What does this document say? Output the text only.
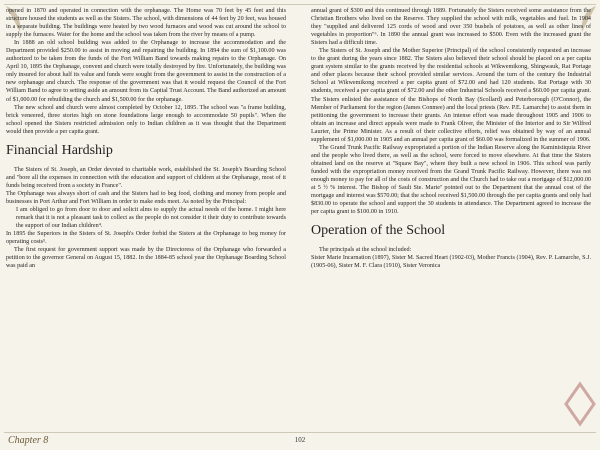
opened in 1870 and operated in connection with the orphanage. The Home was 70 feet by 45 feet and this structure housed the students as well as the Sisters. The school, with dimensions of 44 feet by 20 feet, was housed in a separate building. The buildings were heated by two wood furnaces and wood was cut around the school to supply the furnaces. Water for the home and the school was taken from the river by means of a pump.

In 1888 an old school building was added to the Orphanage to increase the accommodation and the Department provided $250.00 to assist in moving and repairing the building. In 1894 the sum of $1,100.00 was authorized to be taken from the funds of the Fort William Band towards making repairs to the Orphanage. On April 10, 1895 the Orphanage, convent and church were totally destroyed by fire. Unfortunately, the building was only insured for about half its value and funds were sought from the government to assist in the construction of a new orphanage and church. The response of the government was that it would request the Council of the Fort William Band to agree to setting aside an amount from its Capital Trust Account. The Band authorized an amount of $1,000.00 for rebuilding the church and $1,500.00 for the orphanage.

The new school and church were almost completed by October 12, 1895. The school was "a frame building, brick veneered, three stories high on stone foundations large enough to accommodate 50 pupils". When the school opened the Sisters restricted admission only to Indian children as it was thought that the Department would then provide a per capita grant.

Financial Hardship

The Sisters of St. Joseph, an Order devoted to charitable work, established the St. Joseph's Boarding School and "bore all the expenses in connection with the education and support of children at the Orphanage, most of it funds being received from a society in France".

The Orphanage was always short of cash and the Sisters had to beg food, clothing and money from people and businesses in Port Arthur and Fort William in order to make ends meet. As noted by the Principal:

I am obliged to go from door to door and solicit alms to supply the actual needs of the home. I might here remark that it is not a pleasant task to collect as the people do not consider it their duty to contribute towards the support of our Indian children⁴.

In 1895 the Superiors in the Sisters of St. Joseph's Order forbid the Sisters at the Orphanage to beg money for operating costs⁵.

The first request for government support was made by the Directoress of the Orphanage who forwarded a petition to the governor General on August 15, 1882. In the 1884-85 school year the Orphanage Boarding School was paid an

annual grant of $300 and this continued through 1889. Fortunately the Sisters received some assistance from the Christian Brothers who lived on the Reserve. They supplied the school with milk, vegetables and fuel. In 1904 they "supplied and delivered 125 cords of wood and over 350 bushels of potatoes, as well as other lines of vegetables in proportion"⁶. In 1890 the annual grant was increased to $500. Even with the increased grant the Sisters had a difficult time.

The Sisters of St. Joseph and the Mother Superior (Principal) of the school consistently requested an increase to the grant during the years since 1882. The Sisters also believed their school should be placed on a per capita grant system similar to the grants received by the residential schools at Wikwemikong, Shingwauk, Rat Portage and other places because their school provided similar services. Around the turn of the century the Industrial School at Wikwemikong received a per capita grant of $72.00 and had 120 students. Rat Portage with 30 students, received a per capita grant of $72.00 and the other Industrial Schools received a $60.00 per capita grant. The Sisters enlisted the assistance of the Bishops of North Bay (Scollard) and Peterborough (O'Connor), the Member of Parliament for the region (James Conmee) and the local priests (Rev. P.E. Lamarche) to assist them in petitioning the government to increase their grants. An intense effort was made throughout 1905 and 1906 to obtain an increase and direct appeals were made to Frank Oliver, the Minister of the Interior and to Sir Wilfred Laurier, the Prime Minister. As a result of their collective efforts, relief was obtained by way of an annual supplement of $1,000.00 in 1905 and an annual per capita grant of $60.00 was formalized in the summer of 1906.

The Grand Trunk Pacific Railway expropriated a portion of the Indian Reserve along the Kaministiquia River and the people who lived there, as well as the school, were forced to move elsewhere. At that time the Sisters obtained land on the reserve at "Squaw Bay", where they built a new school in 1906. This school was partly funded with the expropriation money received from the Grand Trunk Pacific Railway. However, there was not enough money to pay for all of the costs of construction and the Church had to take out a mortgage of $12,000.00 at 5 ½ % interest. The Bishop of Sault Ste. Marie⁷ pointed out to the Department that the annual cost of the mortgage and interest was $570.00; that the school received $1,500.00 through the per capita grants and only had $830.00 to operate the school and support the 30 students in attendance. The Department agreed to increase the per capita grant to $100.00 in 1910.

Operation of the School

The principals at the school included:

Sister Marie Incarnation (1897), Sister M. Sacred Heart (1902-03), Mother Francis (1904), Rev. P. Lamarche, S.J. (1905-06), Sister M. F. Clara (1910), Sister Veronica

Chapter 8	102
